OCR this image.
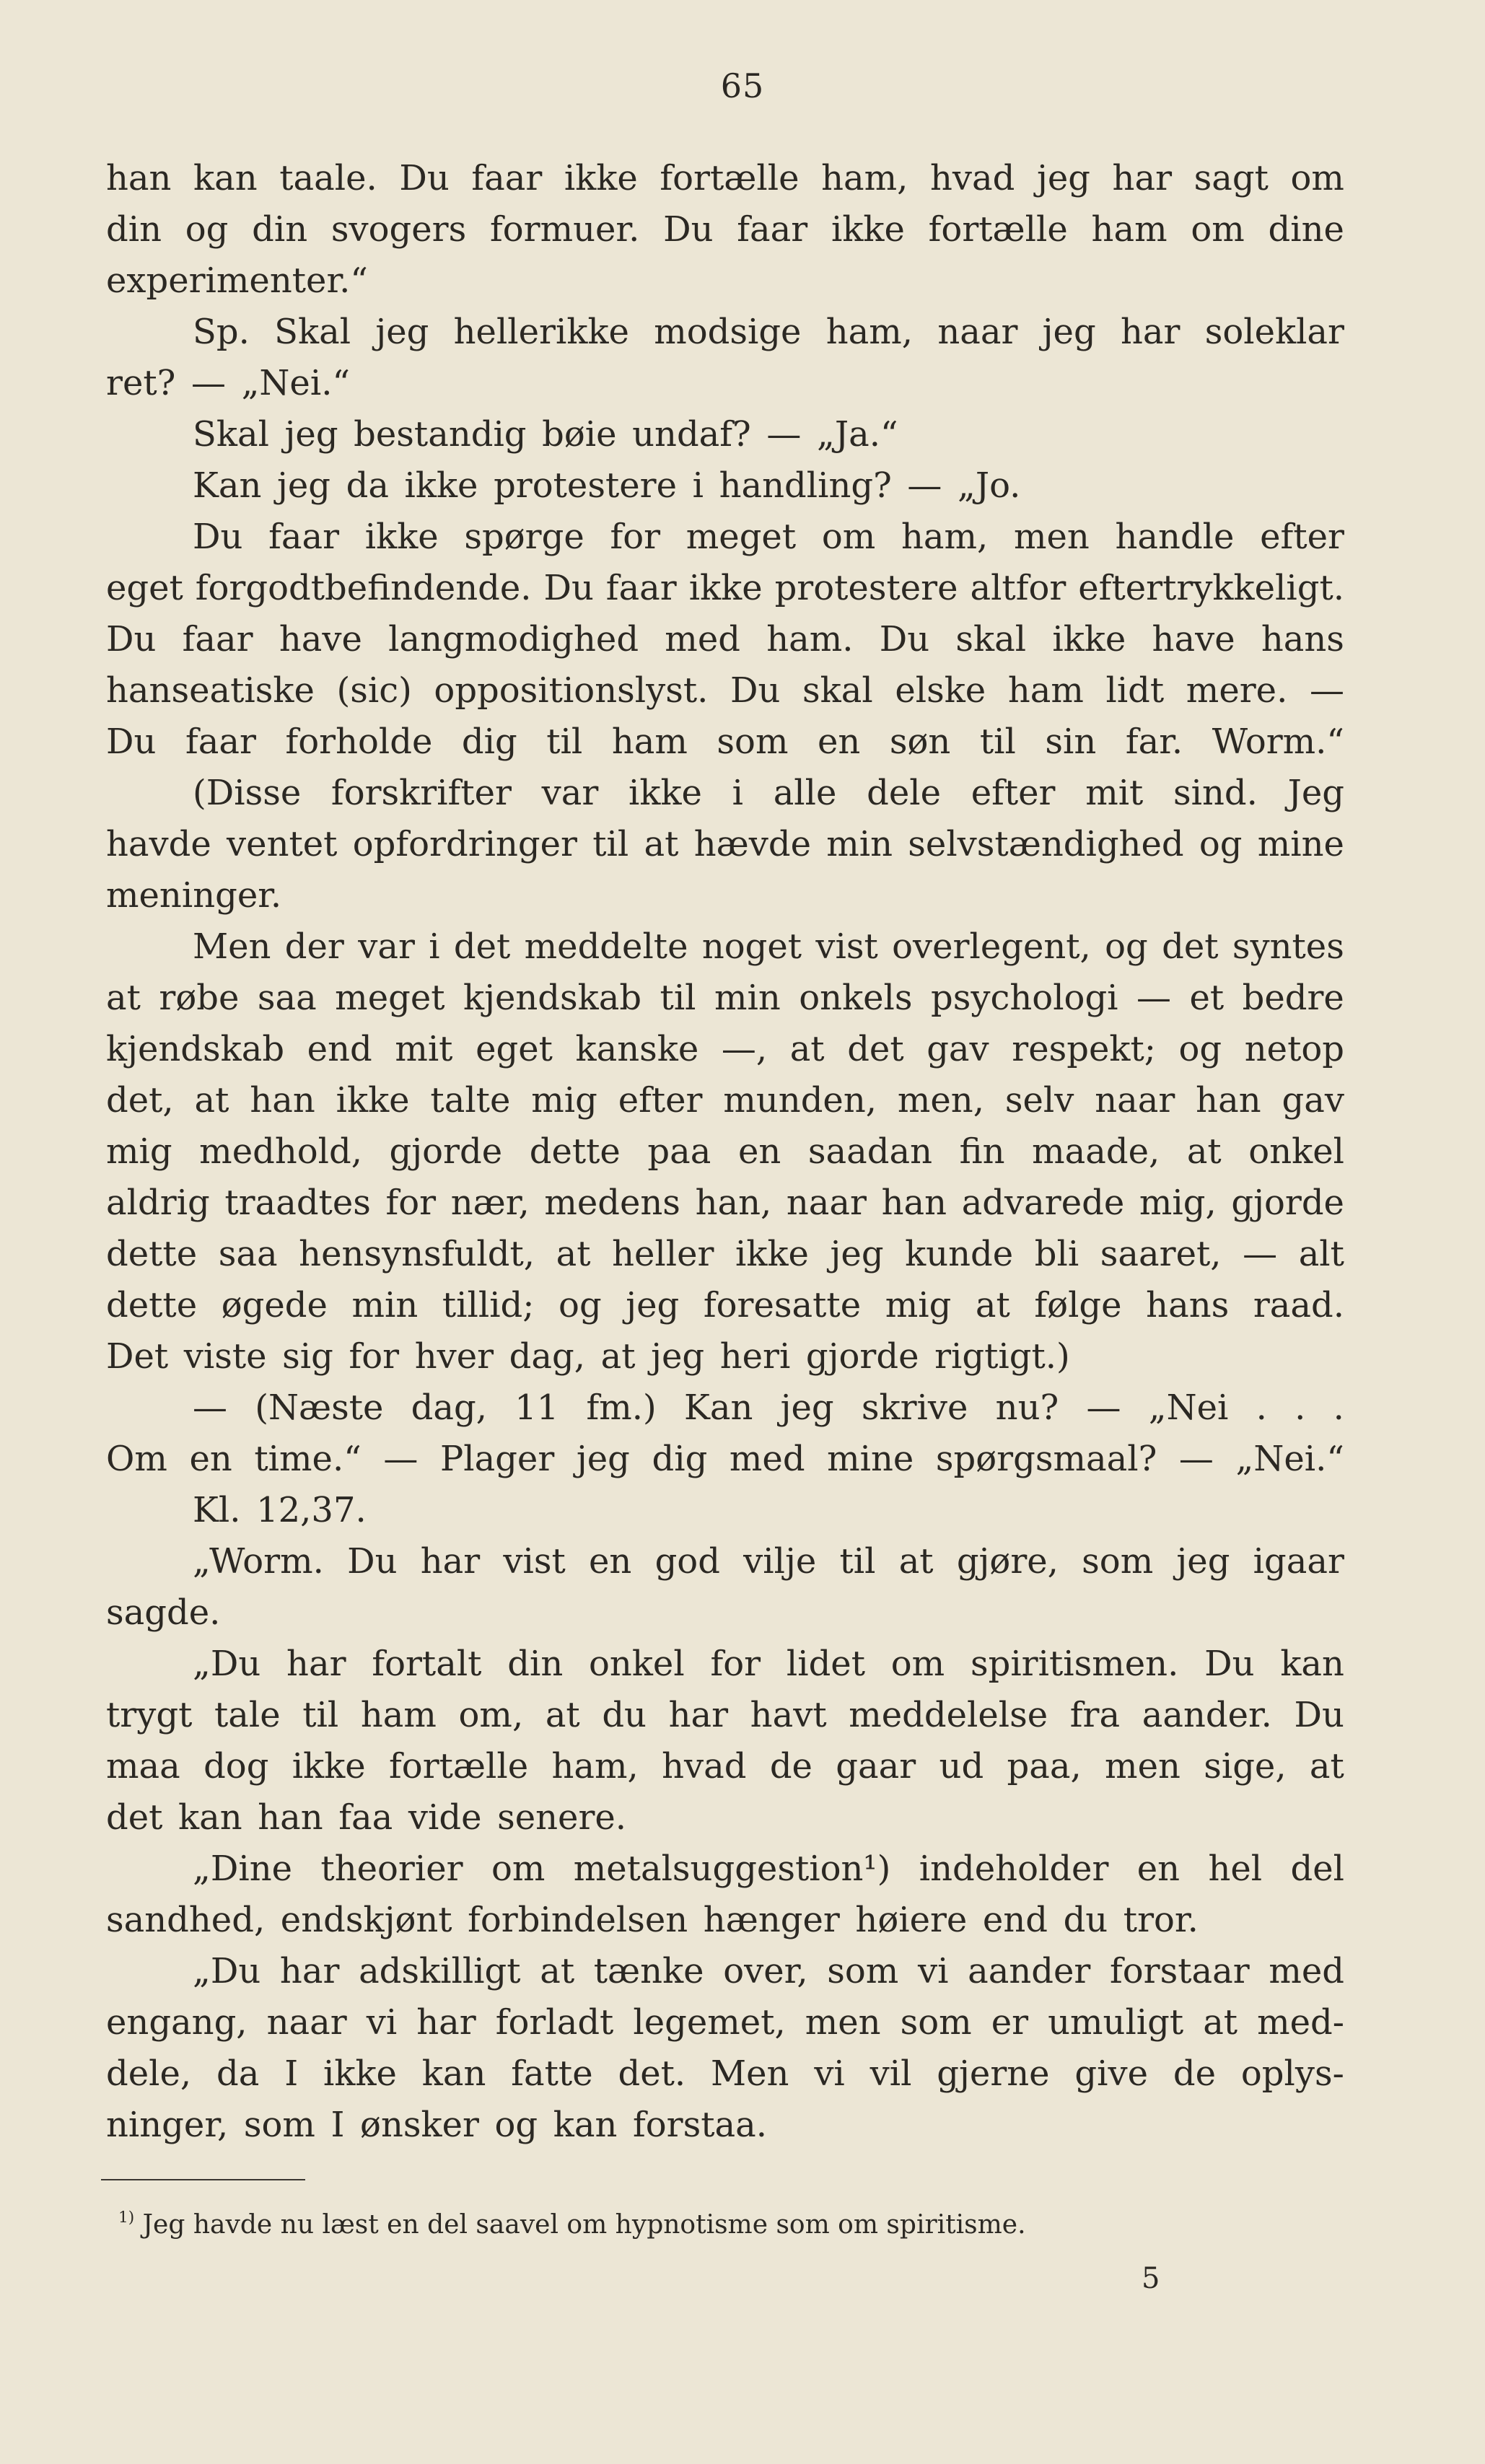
65
han kan taale. Du faar ikke fortælle ham, hvad jeg har sagt om
din og din svogers formuer. Du faar ikke fortælle ham om dine
experimenter.“
Sp. Skal jeg hellerikke modsige ham, naar jeg har soleklar
ret? — „Nei.“
Skal jeg bestandig bøie undaf? — „Ja.“
Kan jeg da ikke protestere i handling? — „Jo.
Du faar ikke spørge for meget om ham, men handle efter
eget forgodtbefindende. Du faar ikke protestere altfor eftertrykkeligt.
Du faar have langmodighed med ham. Du skal ikke have hans
hanseatiske (sic) oppositionslyst. Du skal elske ham lidt mere. —
Du faar forholde dig til ham som en søn til sin far. Worm.“
(Disse forskrifter var ikke i alle dele efter mit sind. Jeg
havde ventet opfordringer til at hævde min selvstændighed og mine
meninger.
Men der var i det meddelte noget vist overlegent, og det syntes
at røbe saa meget kjendskab til min onkels psychologi — et bedre
kjendskab end mit eget kanske —, at det gav respekt; og netop
det, at han ikke talte mig efter munden, men, selv naar han gav
mig medhold, gjorde dette paa en saadan fin maade, at onkel
aldrig traadtes for nær, medens han, naar han advarede mig, gjorde
dette saa hensynsfuldt, at heller ikke jeg kunde bli saaret, — alt
dette øgede min tillid; og jeg foresatte mig at følge hans raad.
Det viste sig for hver dag, at jeg heri gjorde rigtigt.)
— (Næste dag, 11 fm.) Kan jeg skrive nu? — „Nei . . .
Om en time.“ — Plager jeg dig med mine spørgsmaal? — „Nei.“
Kl. 12,37.
„Worm. Du har vist en god vilje til at gjøre, som jeg igaar
sagde.
„Du har fortalt din onkel for lidet om spiritismen. Du kan
trygt tale til ham om, at du har havt meddelelse fra aander. Du
maa dog ikke fortælle ham, hvad de gaar ud paa, men sige, at
det kan han faa vide senere.
„Dine theorier om metalsuggestion¹) indeholder en hel del
sandhed, endskjønt forbindelsen hænger høiere end du tror.
„Du har adskilligt at tænke over, som vi aander forstaar med
engang, naar vi har forladt legemet, men som er umuligt at med-
dele, da I ikke kan fatte det. Men vi vil gjerne give de oplys-
ninger, som I ønsker og kan forstaa.
$^{1)}$ Jeg havde nu læst en del saavel om hypnotisme som om spiritisme.
5
